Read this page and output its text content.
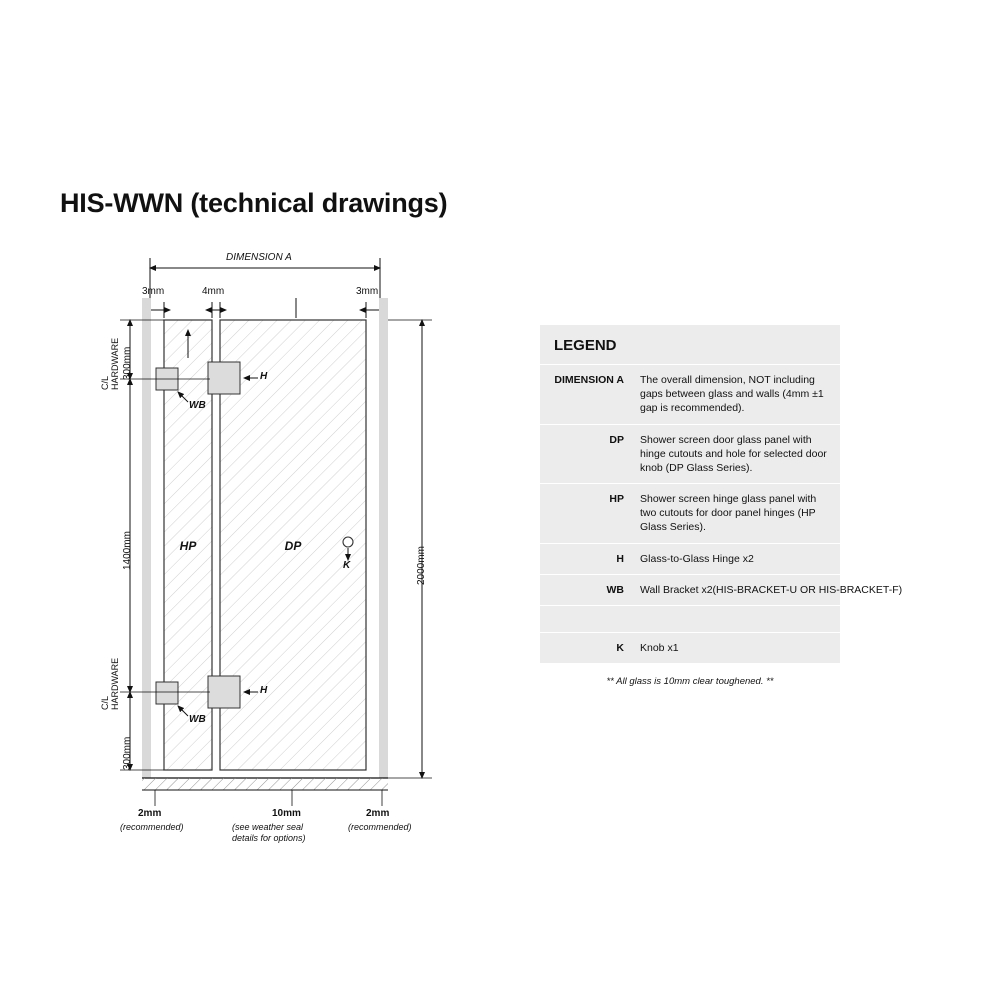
HIS-WWN (technical drawings)
HP	DP
DIMENSION A
3mm	4mm	3mm
C/L
HARDWARE 300mm
1400mm
C/L
HARDWARE
300mm
2000mm
H
WB
H
WB
K
2mm
(recommended)
10mm
(see weather seal
details for options)
2mm
(recommended)
LEGEND
DIMENSION A	The overall dimension, NOT including gaps between glass and walls (4mm ±1 gap is recommended).
DP	Shower screen door glass panel with hinge cutouts and hole for selected door knob (DP Glass Series).
HP	Shower screen hinge glass panel with two cutouts for door panel hinges (HP Glass Series).
H	Glass-to-Glass Hinge x2
WB	Wall Bracket x2(HIS-BRACKET-U OR HIS-BRACKET-F)
K	Knob x1
** All glass is 10mm clear toughened. **
